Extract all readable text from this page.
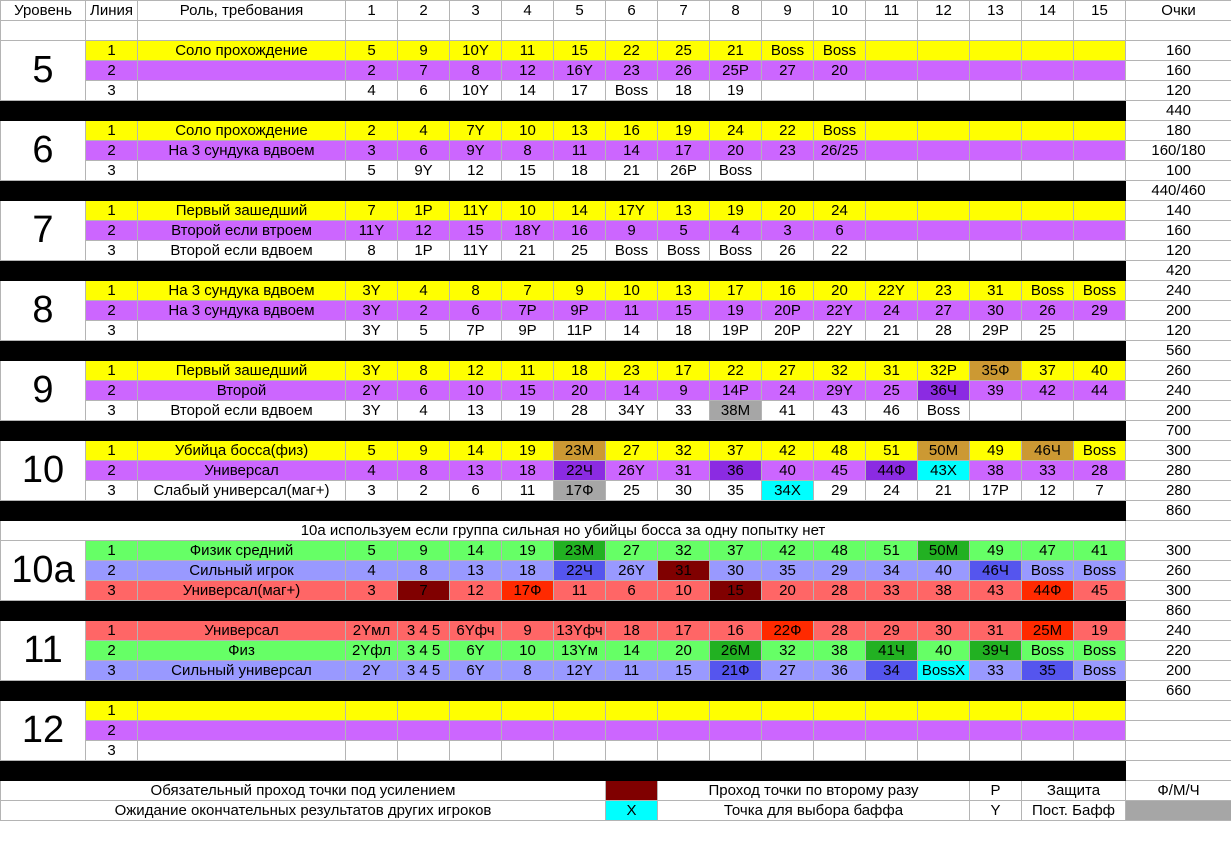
Уровень	Линия	Роль, требования	1	2	3	4	5	6	7	8	9	10	11	12	13	14	15	Очки

5	1	Соло прохождение	5	9	10Y	11	15	22	25	21	Boss	Boss						160
	2		2	7	8	12	16Y	23	26	25P	27	20						160
	3		4	6	10Y	14	17	Boss	18	19								120
																		440
6	1	Соло прохождение	2	4	7Y	10	13	16	19	24	22	Boss						180
	2	На 3 сундука вдвоем	3	6	9Y	8	11	14	17	20	23	26/25						160/180
	3		5	9Y	12	15	18	21	26P	Boss								100
																		440/460
7	1	Первый зашедший	7	1P	11Y	10	14	17Y	13	19	20	24						140
	2	Второй если втроем	11Y	12	15	18Y	16	9	5	4	3	6						160
	3	Второй если вдвоем	8	1P	11Y	21	25	Boss	Boss	Boss	26	22						120
																		420
8	1	На 3 сундука вдвоем	3Y	4	8	7	9	10	13	17	16	20	22Y	23	31	Boss	Boss	240
	2	На 3 сундука вдвоем	3Y	2	6	7P	9P	11	15	19	20P	22Y	24	27	30	26	29	200
	3		3Y	5	7P	9P	11P	14	18	19P	20P	22Y	21	28	29P	25		120
																		560
9	1	Первый зашедший	3Y	8	12	11	18	23	17	22	27	32	31	32P	35Ф	37	40	260
	2	Второй	2Y	6	10	15	20	14	9	14P	24	29Y	25	36Ч	39	42	44	240
	3	Второй если вдвоем	3Y	4	13	19	28	34Y	33	38M	41	43	46	Boss				200
																		700
10	1	Убийца босса(физ)	5	9	14	19	23M	27	32	37	42	48	51	50M	49	46Ч	Boss	300
	2	Универсал	4	8	13	18	22Ч	26Y	31	36	40	45	44Ф	43X	38	33	28	280
	3	Слабый универсал(маг+)	3	2	6	11	17Ф	25	30	35	34X	29	24	21	17P	12	7	280
																		860
10а используем если группа сильная но убийцы босса за одну попытку нет																		
10а	1	Физик средний	5	9	14	19	23M	27	32	37	42	48	51	50M	49	47	41	300
	2	Сильный игрок	4	8	13	18	22Ч	26Y	31	30	35	29	34	40	46Ч	Boss	Boss	260
	3	Универсал(маг+)	3	7	12	17Ф	11	6	10	15	20	28	33	38	43	44Ф	45	300
																		860
11	1	Универсал	2Yмл	3 4 5	6Yфч	9	13Yфч	18	17	16	22Ф	28	29	30	31	25M	19	240
	2	Физ	2Yфл	3 4 5	6Y	10	13Yм	14	20	26M	32	38	41Ч	40	39Ч	Boss	Boss	220
	3	Сильный универсал	2Y	3 4 5	6Y	8	12Y	11	15	21Ф	27	36	34	BossX	33	35	Boss	200
																		660
12	1																	
	2																	
	3																	

Обязательный проход точки под усилением									Проход точки по второму разу						P	Защита		Ф/М/Ч
Ожидание окончательных результатов других игроков								X	Точка для выбора баффа						Y	Пост. Бафф		
